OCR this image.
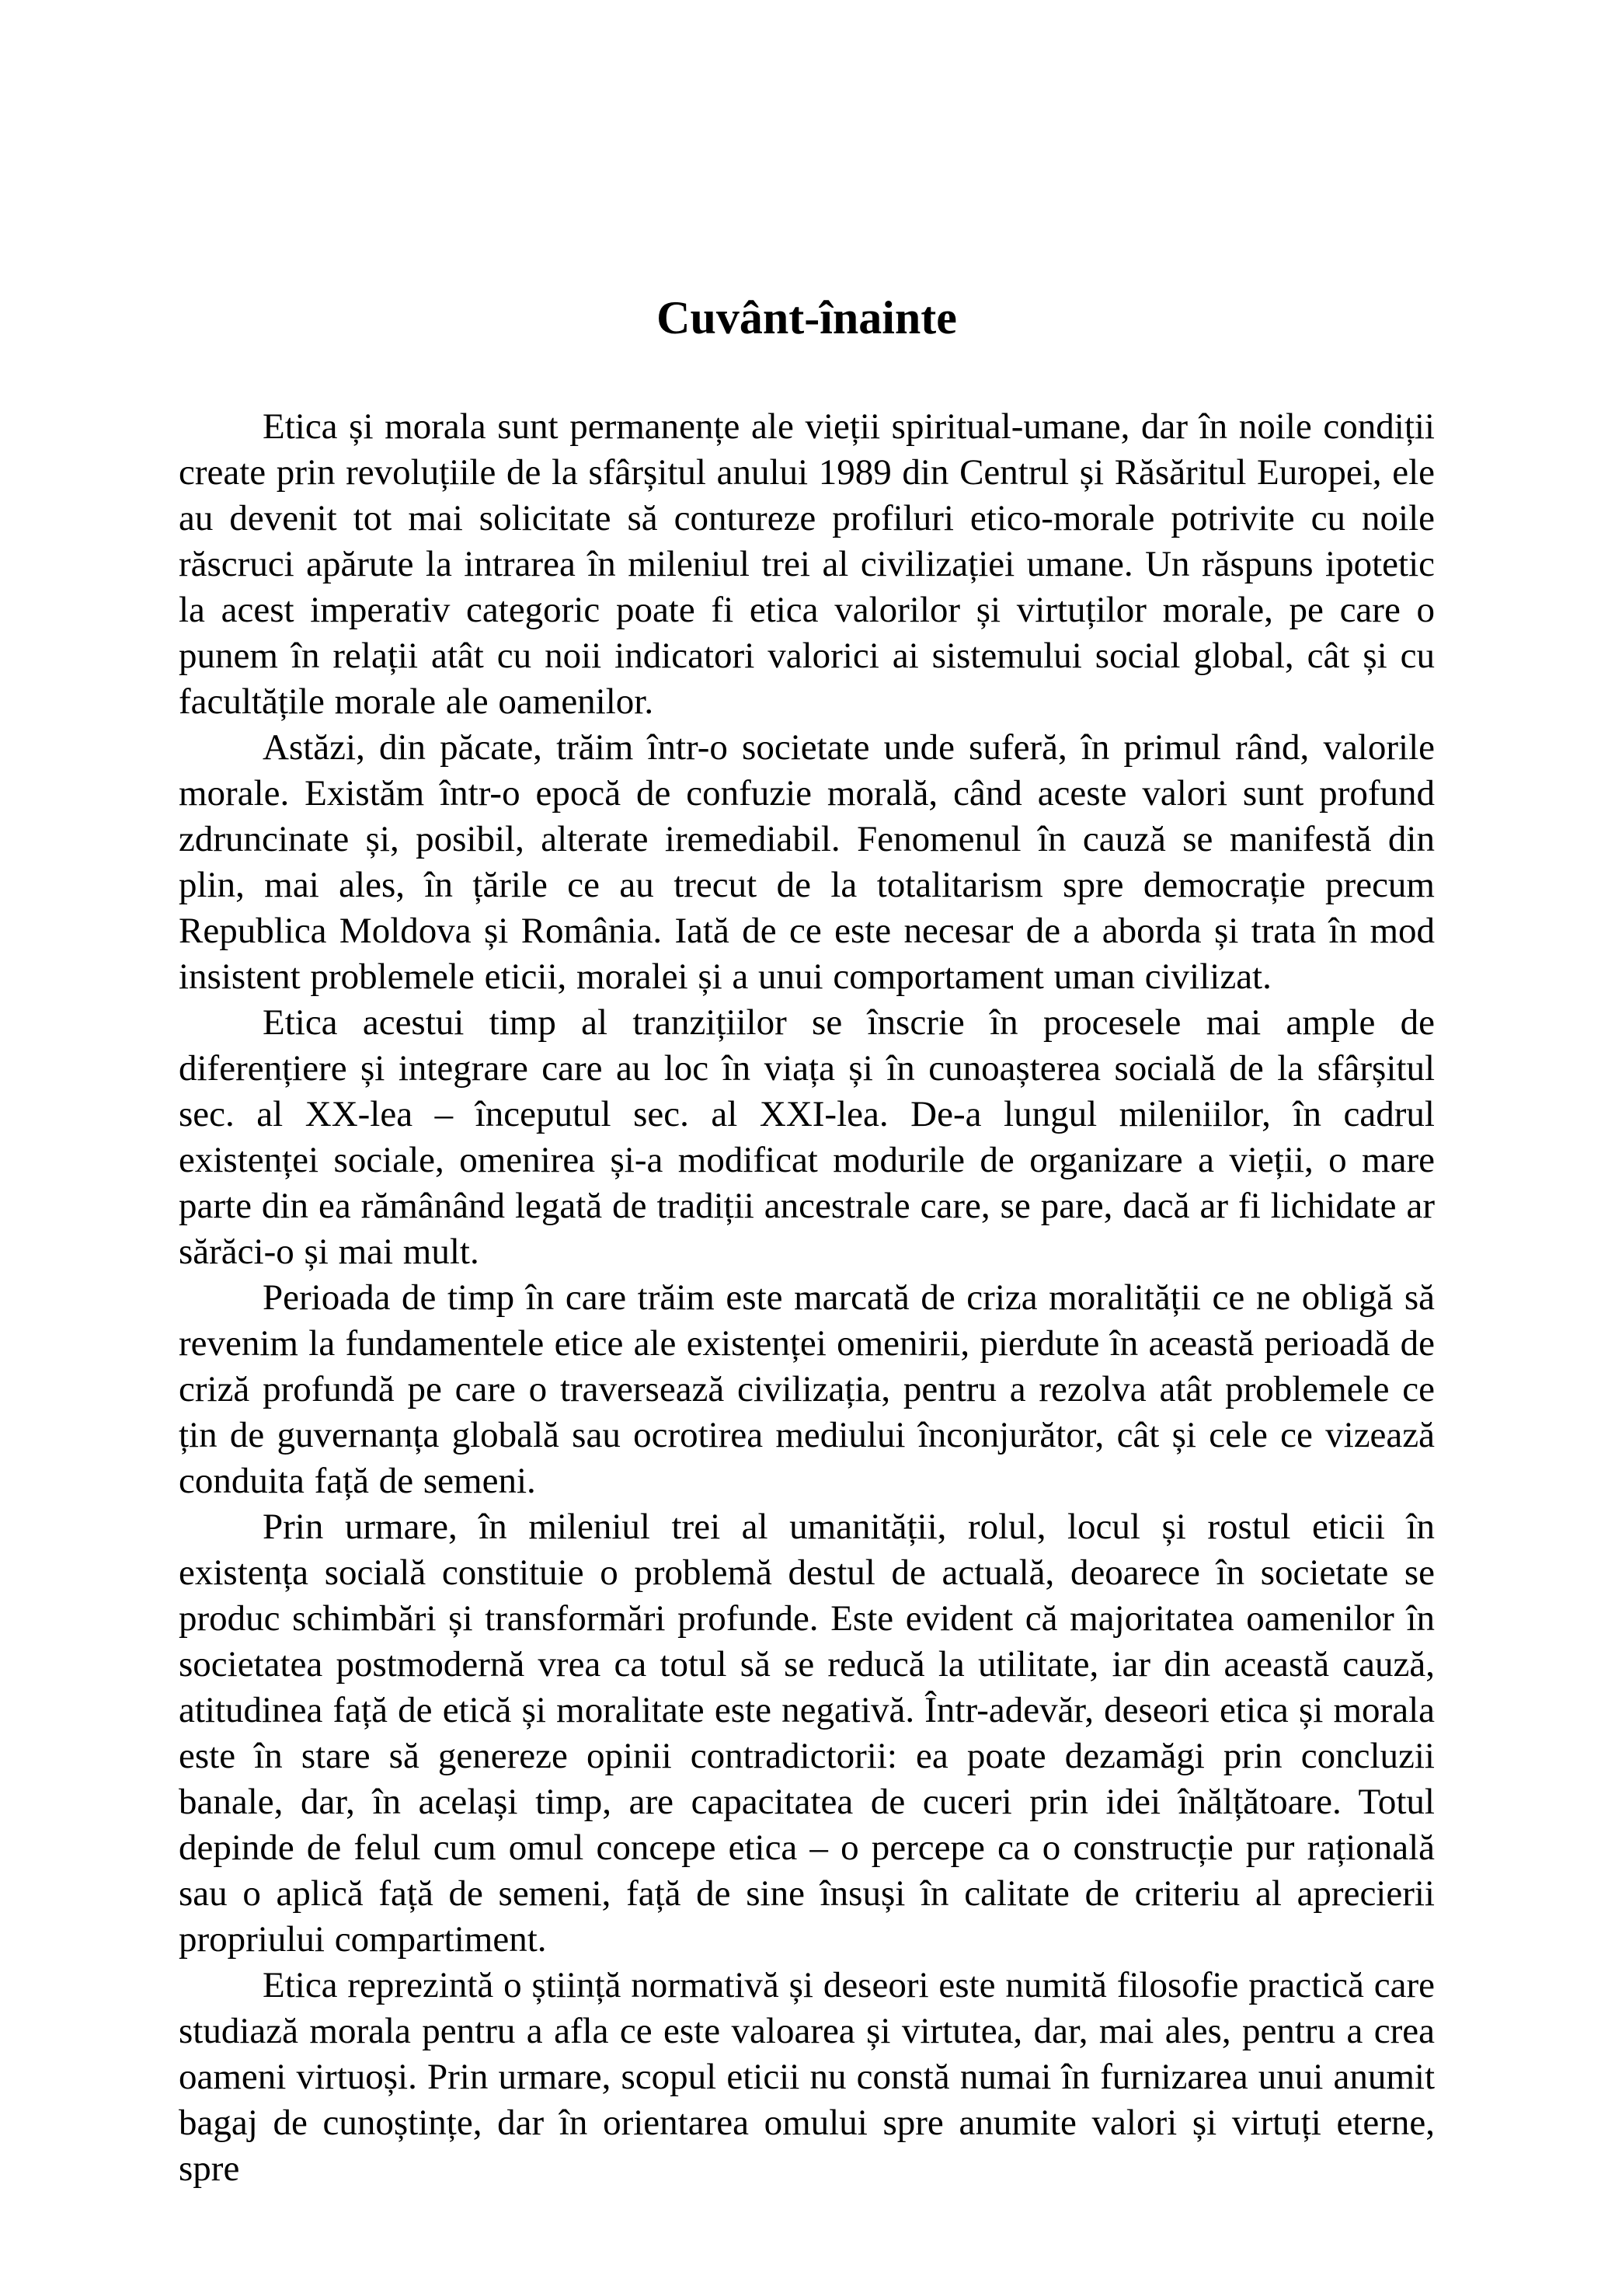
Cuvânt-înainte

Etica și morala sunt permanențe ale vieții spiritual-umane, dar în noile condiții create prin revoluțiile de la sfârșitul anului 1989 din Centrul și Răsăritul Europei, ele au devenit tot mai solicitate să contureze profiluri etico-morale potrivite cu noile răscruci apărute la intrarea în mileniul trei al civilizației umane. Un răspuns ipotetic la acest imperativ categoric poate fi etica valorilor și virtuților morale, pe care o punem în relații atât cu noii indicatori valorici ai sistemului social global, cât și cu facultățile morale ale oamenilor.

Astăzi, din păcate, trăim într-o societate unde suferă, în primul rând, valorile morale. Existăm într-o epocă de confuzie morală, când aceste valori sunt profund zdruncinate și, posibil, alterate iremediabil. Fenomenul în cauză se manifestă din plin, mai ales, în țările ce au trecut de la totalitarism spre democrație precum Republica Moldova și România. Iată de ce este necesar de a aborda și trata în mod insistent problemele eticii, moralei și a unui comportament uman civilizat.

Etica acestui timp al tranzițiilor se înscrie în procesele mai ample de diferențiere și integrare care au loc în viața și în cunoașterea socială de la sfârșitul sec. al XX-lea – începutul sec. al XXI-lea. De-a lungul mileniilor, în cadrul existenței sociale, omenirea și-a modificat modurile de organizare a vieții, o mare parte din ea rămânând legată de tradiții ancestrale care, se pare, dacă ar fi lichidate ar sărăci-o și mai mult.

Perioada de timp în care trăim este marcată de criza moralității ce ne obligă să revenim la fundamentele etice ale existenței omenirii, pierdute în această perioadă de criză profundă pe care o traversează civilizația, pentru a rezolva atât problemele ce țin de guvernanța globală sau ocrotirea mediului înconjurător, cât și cele ce vizează conduita față de semeni.

Prin urmare, în mileniul trei al umanității, rolul, locul și rostul eticii în existența socială constituie o problemă destul de actuală, deoarece în societate se produc schimbări și transformări profunde. Este evident că majoritatea oamenilor în societatea postmodernă vrea ca totul să se reducă la utilitate, iar din această cauză, atitudinea față de etică și moralitate este negativă. Într-adevăr, deseori etica și morala este în stare să genereze opinii contradictorii: ea poate dezamăgi prin concluzii banale, dar, în același timp, are capacitatea de cuceri prin idei înălțătoare. Totul depinde de felul cum omul concepe etica – o percepe ca o construcție pur rațională sau o aplică față de semeni, față de sine însuși în calitate de criteriu al aprecierii propriului compartiment.

Etica reprezintă o știință normativă și deseori este numită filosofie practică care studiază morala pentru a afla ce este valoarea și virtutea, dar, mai ales, pentru a crea oameni virtuoși. Prin urmare, scopul eticii nu constă numai în furnizarea unui anumit bagaj de cunoștințe, dar în orientarea omului spre anumite valori și virtuți eterne, spre
